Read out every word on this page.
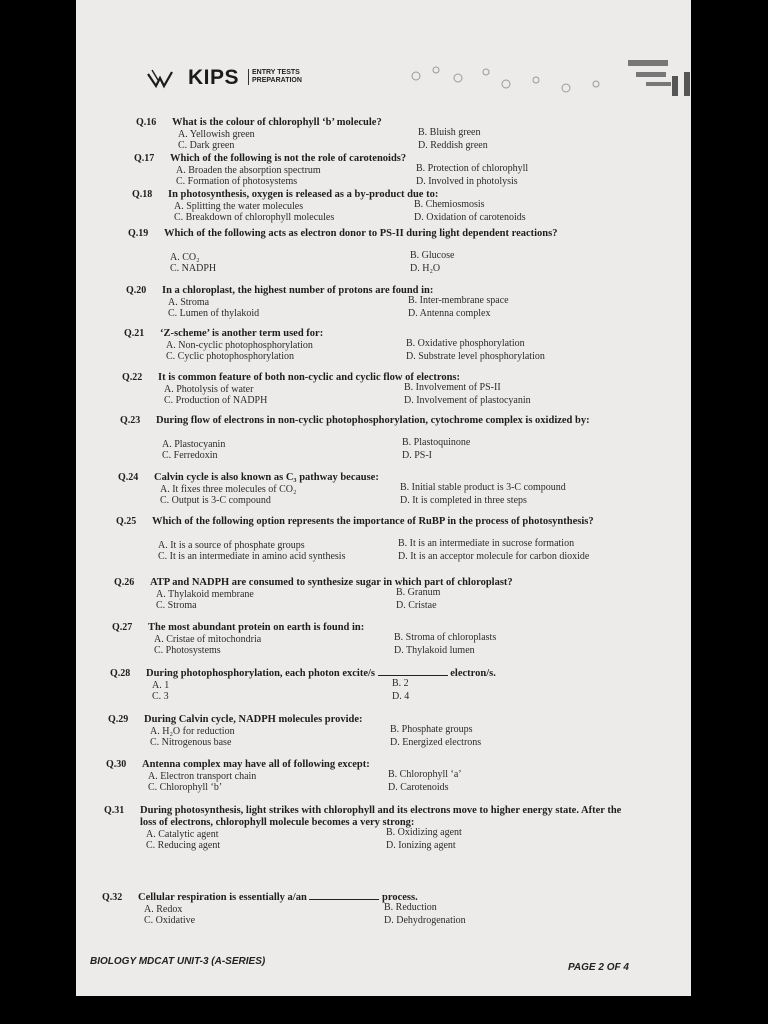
KIPS	ENTRY TESTS
PREPARATION
Q.16 What is the colour of chlorophyll ‘b’ molecule?
A. Yellowish green	B. Bluish green
C. Dark green	D. Reddish green
Q.17 Which of the following is not the role of carotenoids?
A. Broaden the absorption spectrum	B. Protection of chlorophyll
C. Formation of photosystems	D. Involved in photolysis
Q.18 In photosynthesis, oxygen is released as a by-product due to:
A. Splitting the water molecules	B. Chemiosmosis
C. Breakdown of chlorophyll molecules	D. Oxidation of carotenoids
Q.19 Which of the following acts as electron donor to PS-II during light dependent reactions?
A. CO₂	B. Glucose
C. NADPH	D. H₂O
Q.20 In a chloroplast, the highest number of protons are found in:
A. Stroma	B. Inter-membrane space
C. Lumen of thylakoid	D. Antenna complex
Q.21 ‘Z-scheme’ is another term used for:
A. Non-cyclic photophosphorylation	B. Oxidative phosphorylation
C. Cyclic photophosphorylation	D. Substrate level phosphorylation
Q.22 It is common feature of both non-cyclic and cyclic flow of electrons:
A. Photolysis of water	B. Involvement of PS-II
C. Production of NADPH	D. Involvement of plastocyanin
Q.23 During flow of electrons in non-cyclic photophosphorylation, cytochrome complex is oxidized by:
A. Plastocyanin	B. Plastoquinone
C. Ferredoxin	D. PS-I
Q.24 Calvin cycle is also known as C₃ pathway because:
A. It fixes three molecules of CO₂	B. Initial stable product is 3-C compound
C. Output is 3-C compound	D. It is completed in three steps
Q.25 Which of the following option represents the importance of RuBP in the process of photosynthesis?
A. It is a source of phosphate groups	B. It is an intermediate in sucrose formation
C. It is an intermediate in amino acid synthesis	D. It is an acceptor molecule for carbon dioxide
Q.26 ATP and NADPH are consumed to synthesize sugar in which part of chloroplast?
A. Thylakoid membrane	B. Granum
C. Stroma	D. Cristae
Q.27 The most abundant protein on earth is found in:
A. Cristae of mitochondria	B. Stroma of chloroplasts
C. Photosystems	D. Thylakoid lumen
Q.28 During photophosphorylation, each photon excite/s	electron/s.
A. 1	B. 2
C. 3	D. 4
Q.29 During Calvin cycle, NADPH molecules provide:
A. H₂O for reduction	B. Phosphate groups
C. Nitrogenous base	D. Energized electrons
Q.30 Antenna complex may have all of following except:
A. Electron transport chain	B. Chlorophyll ‘a’
C. Chlorophyll ‘b’	D. Carotenoids
Q.31 During photosynthesis, light strikes with chlorophyll and its electrons move to higher energy state. After the loss of electrons, chlorophyll molecule becomes a very strong:
A. Catalytic agent	B. Oxidizing agent
C. Reducing agent	D. Ionizing agent
Q.32 Cellular respiration is essentially a/an	process.
A. Redox	B. Reduction
C. Oxidative	D. Dehydrogenation
BIOLOGY MDCAT UNIT-3 (A-SERIES)
PAGE 2 OF 4
